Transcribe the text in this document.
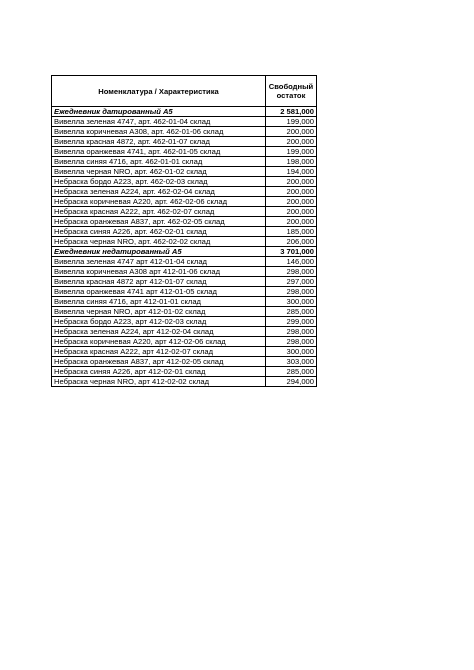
Номенклатура / Характеристика	Свободный остаток
Ежедневник датированный А5	2 581,000
Вивелла зеленая 4747, арт. 462-01-04 склад	199,000
Вивелла коричневая А308, арт. 462-01-06 склад	200,000
Вивелла красная 4872, арт. 462-01-07 склад	200,000
Вивелла оранжевая 4741, арт. 462-01-05 склад	199,000
Вивелла синяя 4716, арт. 462-01-01 склад	198,000
Вивелла черная NRO, арт. 462-01-02 склад	194,000
Небраска бордо А223, арт. 462-02-03 склад	200,000
Небраска зеленая А224, арт. 462-02-04 склад	200,000
Небраска коричневая А220, арт. 462-02-06 склад	200,000
Небраска красная А222, арт. 462-02-07 склад	200,000
Небраска оранжевая А837, арт. 462-02-05 склад	200,000
Небраска синяя А226, арт. 462-02-01 склад	185,000
Небраска черная NRO, арт. 462-02-02 склад	206,000
Ежедневник недатированный А5	3 701,000
Вивелла зеленая 4747 арт 412-01-04 склад	146,000
Вивелла коричневая А308 арт 412-01-06 склад	298,000
Вивелла красная 4872 арт 412-01-07 склад	297,000
Вивелла оранжевая 4741 арт 412-01-05 склад	298,000
Вивелла синяя 4716, арт 412-01-01 склад	300,000
Вивелла черная NRO, арт 412-01-02 склад	285,000
Небраска бордо А223, арт 412-02-03 склад	299,000
Небраска зеленая А224, арт 412-02-04 склад	298,000
Небраска коричневая А220, арт 412-02-06 склад	298,000
Небраска красная А222, арт 412-02-07 склад	300,000
Небраска оранжевая А837, арт 412-02-05 склад	303,000
Небраска синяя А226, арт 412-02-01 склад	285,000
Небраска черная NRO, арт 412-02-02 склад	294,000
